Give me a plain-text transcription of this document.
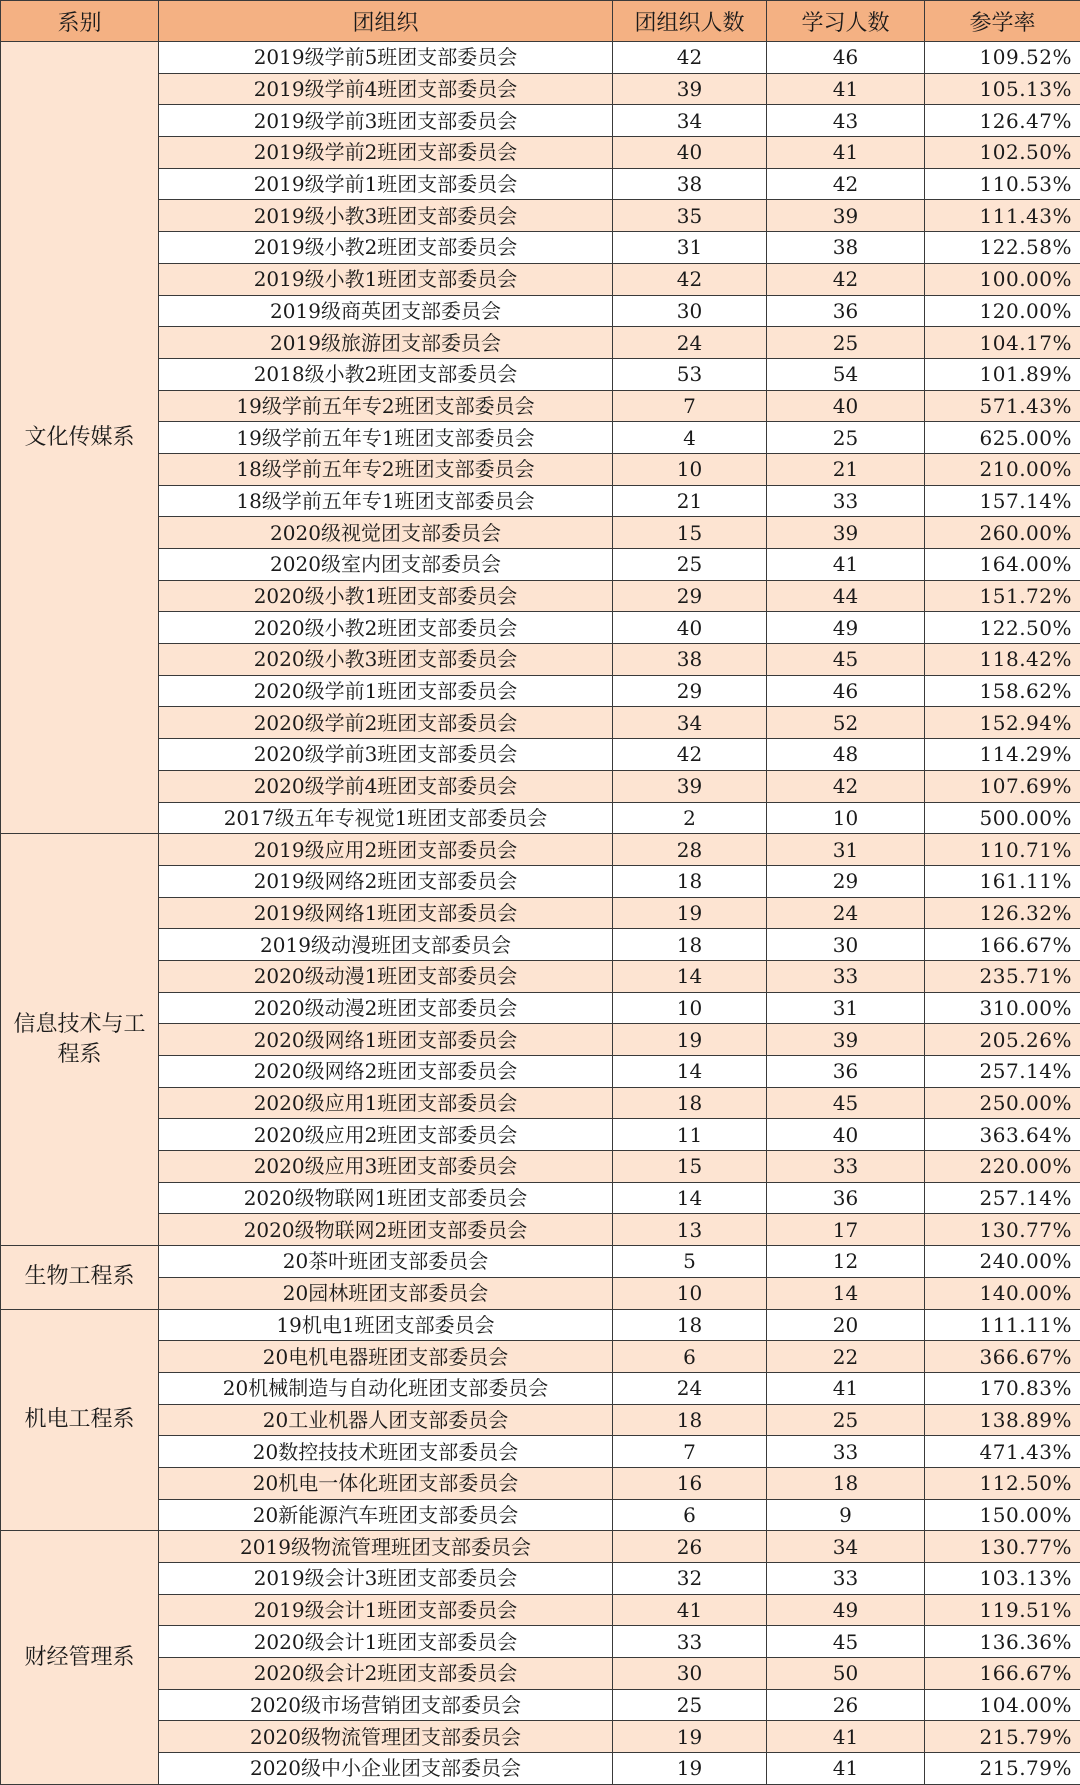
系别	团组织	团组织人数	学习人数	参学率
文化传媒系	2019级学前5班团支部委员会	42	46	109.52%
	2019级学前4班团支部委员会	39	41	105.13%
	2019级学前3班团支部委员会	34	43	126.47%
	2019级学前2班团支部委员会	40	41	102.50%
	2019级学前1班团支部委员会	38	42	110.53%
	2019级小教3班团支部委员会	35	39	111.43%
	2019级小教2班团支部委员会	31	38	122.58%
	2019级小教1班团支部委员会	42	42	100.00%
	2019级商英团支部委员会	30	36	120.00%
	2019级旅游团支部委员会	24	25	104.17%
	2018级小教2班团支部委员会	53	54	101.89%
	19级学前五年专2班团支部委员会	7	40	571.43%
	19级学前五年专1班团支部委员会	4	25	625.00%
	18级学前五年专2班团支部委员会	10	21	210.00%
	18级学前五年专1班团支部委员会	21	33	157.14%
	2020级视觉团支部委员会	15	39	260.00%
	2020级室内团支部委员会	25	41	164.00%
	2020级小教1班团支部委员会	29	44	151.72%
	2020级小教2班团支部委员会	40	49	122.50%
	2020级小教3班团支部委员会	38	45	118.42%
	2020级学前1班团支部委员会	29	46	158.62%
	2020级学前2班团支部委员会	34	52	152.94%
	2020级学前3班团支部委员会	42	48	114.29%
	2020级学前4班团支部委员会	39	42	107.69%
	2017级五年专视觉1班团支部委员会	2	10	500.00%
信息技术与工程系	2019级应用2班团支部委员会	28	31	110.71%
	2019级网络2班团支部委员会	18	29	161.11%
	2019级网络1班团支部委员会	19	24	126.32%
	2019级动漫班团支部委员会	18	30	166.67%
	2020级动漫1班团支部委员会	14	33	235.71%
	2020级动漫2班团支部委员会	10	31	310.00%
	2020级网络1班团支部委员会	19	39	205.26%
	2020级网络2班团支部委员会	14	36	257.14%
	2020级应用1班团支部委员会	18	45	250.00%
	2020级应用2班团支部委员会	11	40	363.64%
	2020级应用3班团支部委员会	15	33	220.00%
	2020级物联网1班团支部委员会	14	36	257.14%
	2020级物联网2班团支部委员会	13	17	130.77%
生物工程系	20茶叶班团支部委员会	5	12	240.00%
	20园林班团支部委员会	10	14	140.00%
机电工程系	19机电1班团支部委员会	18	20	111.11%
	20电机电器班团支部委员会	6	22	366.67%
	20机械制造与自动化班团支部委员会	24	41	170.83%
	20工业机器人团支部委员会	18	25	138.89%
	20数控技技术班团支部委员会	7	33	471.43%
	20机电一体化班团支部委员会	16	18	112.50%
	20新能源汽车班团支部委员会	6	9	150.00%
财经管理系	2019级物流管理班团支部委员会	26	34	130.77%
	2019级会计3班团支部委员会	32	33	103.13%
	2019级会计1班团支部委员会	41	49	119.51%
	2020级会计1班团支部委员会	33	45	136.36%
	2020级会计2班团支部委员会	30	50	166.67%
	2020级市场营销团支部委员会	25	26	104.00%
	2020级物流管理团支部委员会	19	41	215.79%
	2020级中小企业团支部委员会	19	41	215.79%
